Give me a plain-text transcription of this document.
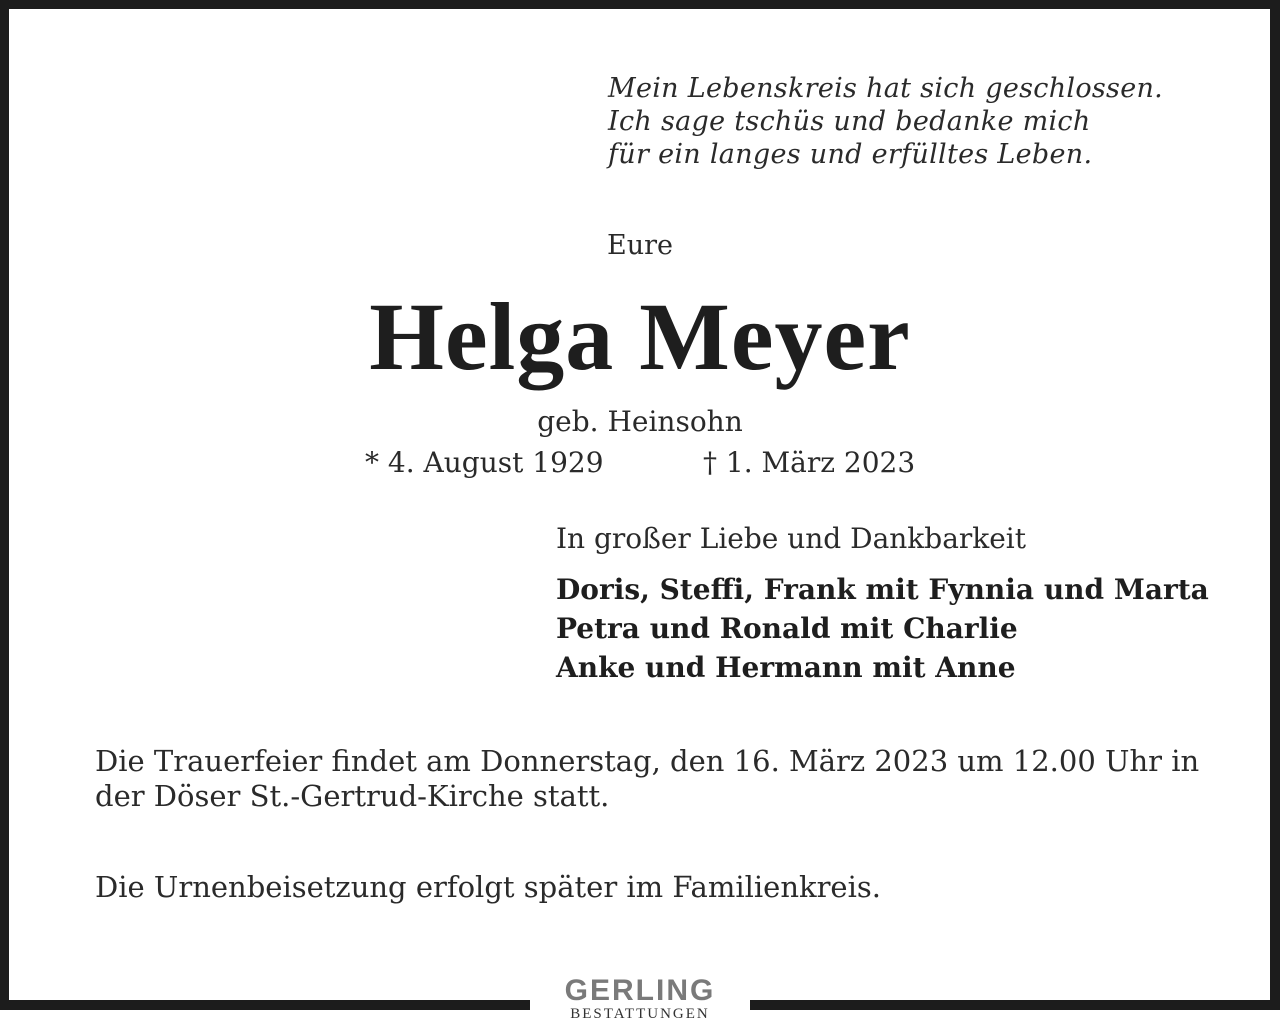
Mein Lebenskreis hat sich geschlossen.
Ich sage tschüs und bedanke mich
für ein langes und erfülltes Leben.
Eure
Helga Meyer
geb. Heinsohn
* 4. August 1929	† 1. März 2023
In großer Liebe und Dankbarkeit
Doris, Steffi, Frank mit Fynnia und Marta
Petra und Ronald mit Charlie
Anke und Hermann mit Anne
Die Trauerfeier findet am Donnerstag, den 16. März 2023 um 12.00 Uhr in
der Döser St.-Gertrud-Kirche statt.
Die Urnenbeisetzung erfolgt später im Familienkreis.
GERLING
BESTATTUNGEN
